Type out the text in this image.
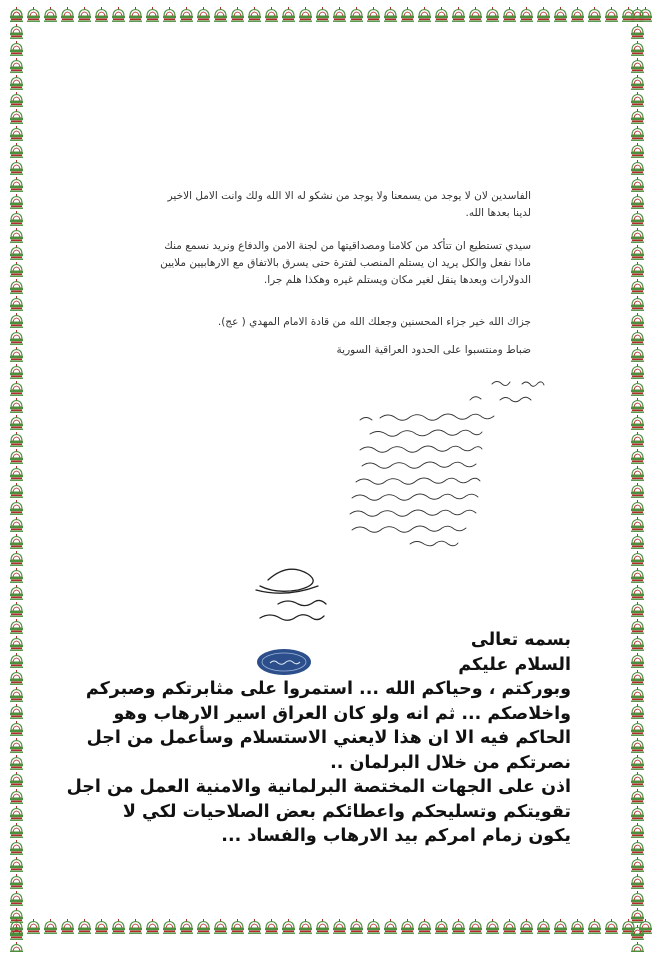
الفاسدين لان لا يوجد من يسمعنا ولا يوجد من نشكو له الا الله ولك وانت الامل الاخير لدينا بعدها الله.
سيدي تستطيع ان تتأكد من كلامنا ومصداقيتها من لجنة الامن والدفاع ونريد نسمع منك ماذا نفعل والكل يريد ان يستلم المنصب لفترة حتى يسرق بالاتفاق مع الارهابيين ملايين الدولارات وبعدها ينقل لغير مكان ويستلم غيره وهكذا هلم جرا.
جزاك الله خير جزاء المحسنين وجعلك الله من قادة الامام المهدي ( عج).
ضباط ومنتسبوا على الحدود العراقية السورية
بسمه تعالى
السلام عليكم
وبوركتم ، وحياكم الله ... استمروا على مثابرتكم وصبركم
واخلاصكم ... ثم انه ولو كان العراق اسير الارهاب وهو
الحاكم فيه الا ان هذا لايعني الاستسلام وسأعمل من اجل
نصرتكم من خلال البرلمان ..
اذن على الجهات المختصة البرلمانية والامنية العمل من اجل
تقويتكم وتسليحكم واعطائكم بعض الصلاحيات لكي لا
يكون زمام امركم بيد الارهاب والفساد ...
